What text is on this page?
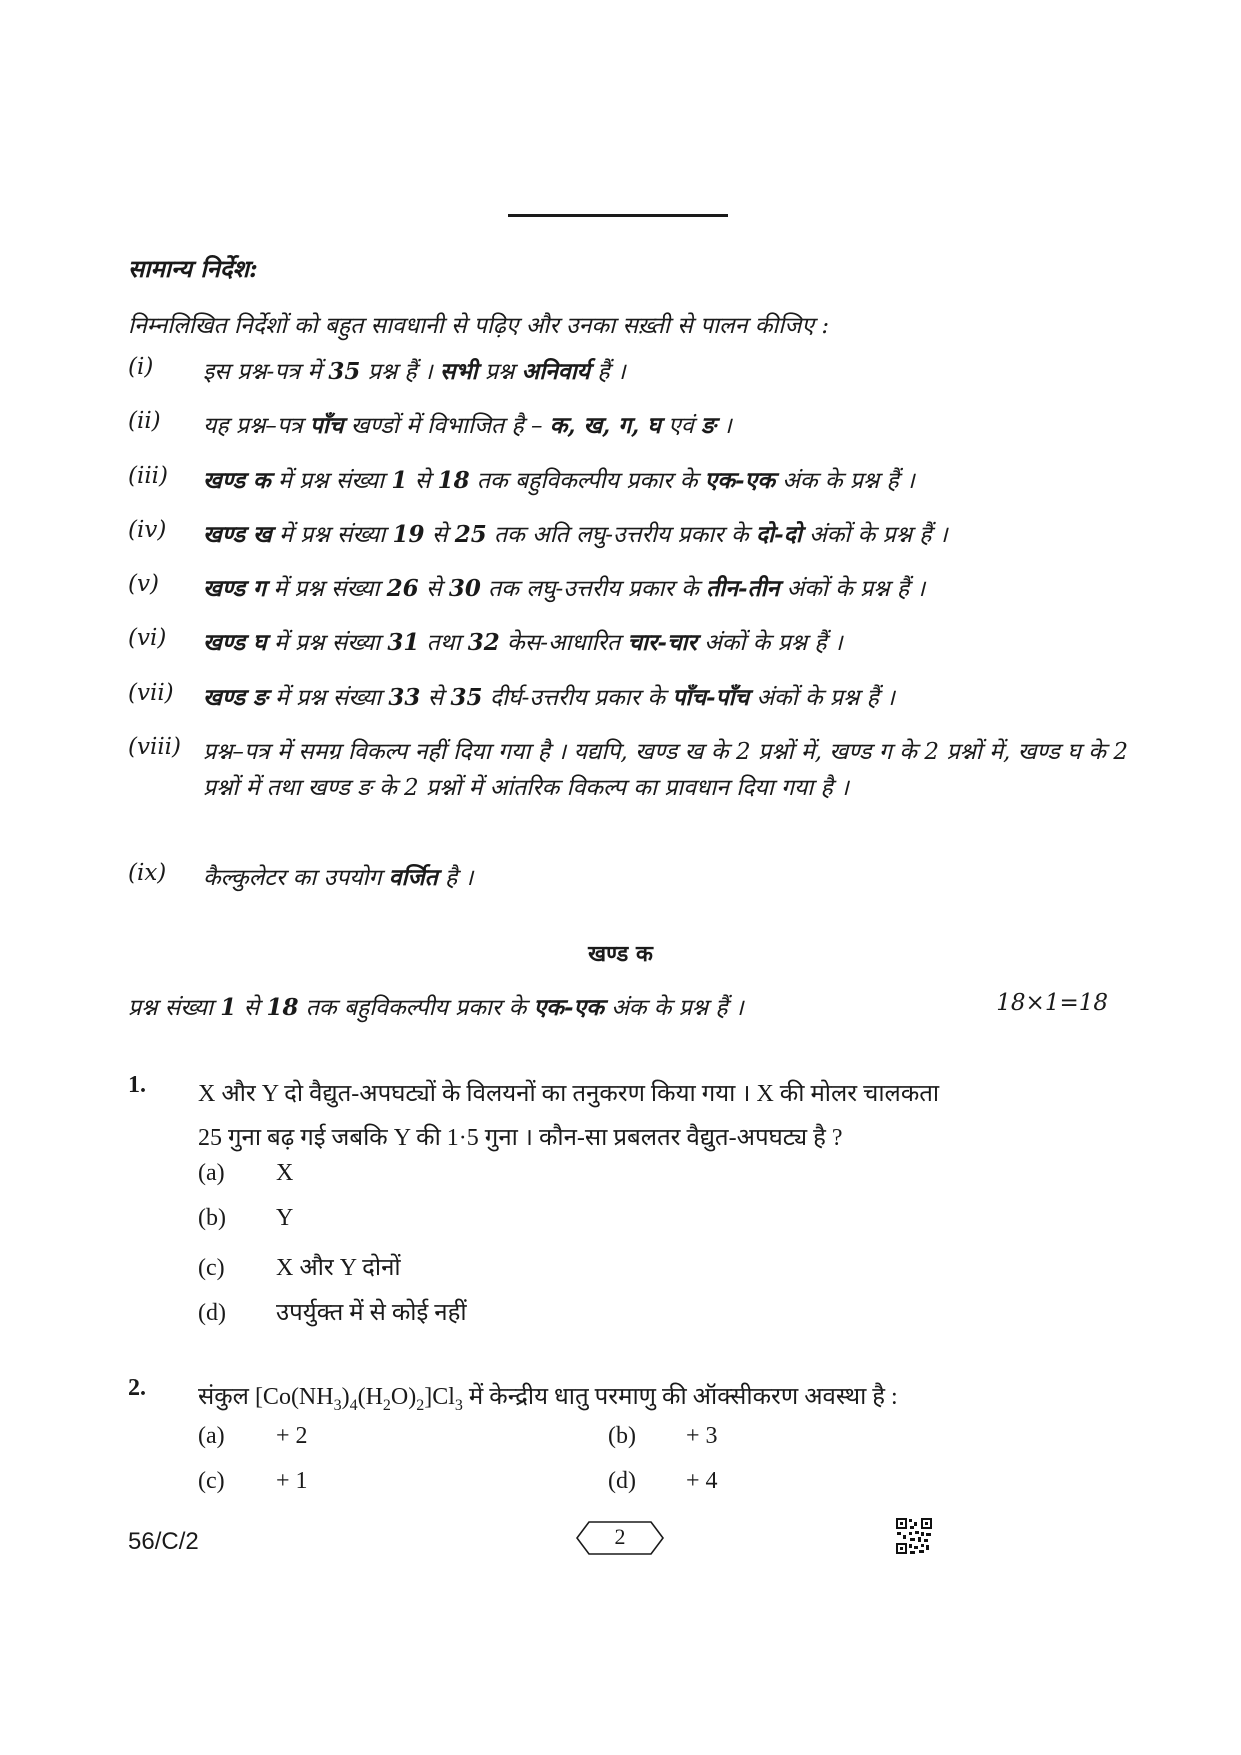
सामान्य निर्देश:
निम्नलिखित निर्देशों को बहुत सावधानी से पढ़िए और उनका सख़्ती से पालन कीजिए :
(i)	इस प्रश्न-पत्र में 35 प्रश्न हैं । सभी प्रश्न अनिवार्य हैं ।
(ii)	यह प्रश्न–पत्र पाँच खण्डों में विभाजित है – क, ख, ग, घ एवं ङ ।
(iii)	खण्ड क में प्रश्न संख्या 1 से 18 तक बहुविकल्पीय प्रकार के एक-एक अंक के प्रश्न हैं ।
(iv)	खण्ड ख में प्रश्न संख्या 19 से 25 तक अति लघु-उत्तरीय प्रकार के दो-दो अंकों के प्रश्न हैं ।
(v)	खण्ड ग में प्रश्न संख्या 26 से 30 तक लघु-उत्तरीय प्रकार के तीन-तीन अंकों के प्रश्न हैं ।
(vi)	खण्ड घ में प्रश्न संख्या 31 तथा 32 केस-आधारित चार-चार अंकों के प्रश्न हैं ।
(vii)	खण्ड ङ में प्रश्न संख्या 33 से 35 दीर्घ-उत्तरीय प्रकार के पाँच-पाँच अंकों के प्रश्न हैं ।
(viii) प्रश्न–पत्र में समग्र विकल्प नहीं दिया गया है । यद्यपि, खण्ड ख के 2 प्रश्नों में, खण्ड ग के 2 प्रश्नों में, खण्ड घ के 2 प्रश्नों में तथा खण्ड ङ के 2 प्रश्नों में आंतरिक विकल्प का प्रावधान दिया गया है ।
(ix)	कैल्कुलेटर का उपयोग वर्जित है ।
खण्ड क
प्रश्न संख्या 1 से 18 तक बहुविकल्पीय प्रकार के एक-एक अंक के प्रश्न हैं ।	18×1=18
1. X और Y दो वैद्युत-अपघट्यों के विलयनों का तनुकरण किया गया । X की मोलर चालकता
25 गुना बढ़ गई जबकि Y की 1·5 गुना । कौन-सा प्रबलतर वैद्युत-अपघट्य है ?
(a) X
(b) Y
(c) X और Y दोनों
(d) उपर्युक्त में से कोई नहीं
2. संकुल $[Co(NH_3)_4(H_2O)_2]Cl_3$ में केन्द्रीय धातु परमाणु की ऑक्सीकरण अवस्था है :
(a) + 2	(b) + 3
(c) + 1	(d) + 4
56/C/2	2
